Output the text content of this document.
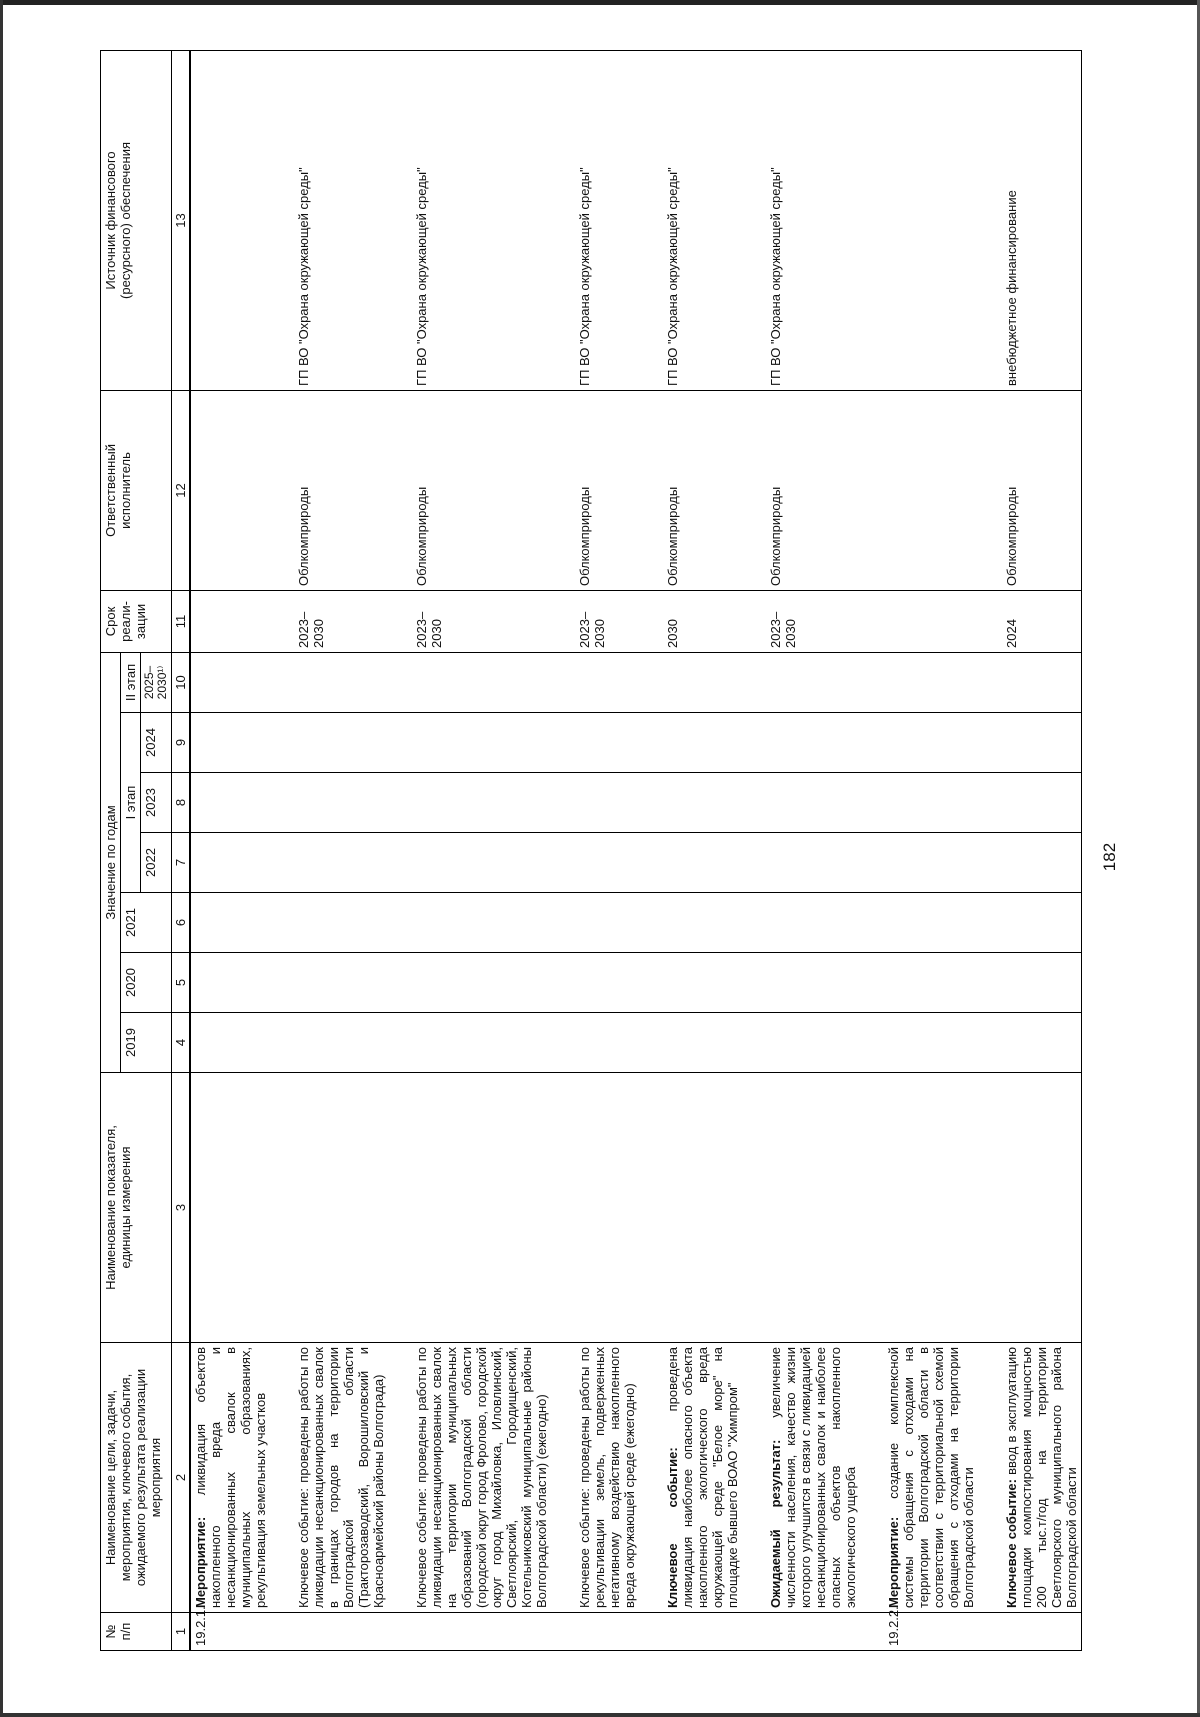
182
№
п/п	Наименование цели, задачи,
мероприятия, ключевого события,
ожидаемого результата реализации
мероприятия	Наименование показателя,
единицы измерения	Значение по годам							Срок
реали-
зации	Ответственный
исполнитель	Источник финансового
(ресурсного) обеспечения
			2019	2020	2021	I этап			II этап			
						2022	2023	2024	2025–
2030¹⁾			
1	2	3	4	5	6	7	8	9	10	11	12	13
19.2.1.	Мероприятие: ликвидация объектов накопленного вреда и несанкционированных свалок в муниципальных образованиях, рекультивация земельных участков											
	Ключевое событие: проведены работы по ликвидации несанкционированных свалок в границах городов на территории Волгоградской области (Тракторозаводский, Ворошиловский и Красноармейский районы Волгограда)									2023–
2030	Облкомприроды	ГП ВО "Охрана окружающей среды"
	Ключевое событие: проведены работы по ликвидации несанкционированных свалок на территории муниципальных образований Волгоградской области (городской округ город Фролово, городской округ город Михайловка, Иловлинский, Светлоярский, Городищенский, Котельниковский муниципальные районы Волгоградской области) (ежегодно)									2023–
2030	Облкомприроды	ГП ВО "Охрана окружающей среды"
	Ключевое событие: проведены работы по рекультивации земель, подверженных негативному воздействию накопленного вреда окружающей среде (ежегодно)									2023–
2030	Облкомприроды	ГП ВО "Охрана окружающей среды"
	Ключевое событие: проведена ликвидация наиболее опасного объекта накопленного экологического вреда окружающей среде "Белое море" на площадке бывшего ВОАО "Химпром"									2030	Облкомприроды	ГП ВО "Охрана окружающей среды"
	Ожидаемый результат: увеличение численности населения, качество жизни которого улучшится в связи с ликвидацией несанкционированных свалок и наиболее опасных объектов накопленного экологического ущерба									2023–
2030	Облкомприроды	ГП ВО "Охрана окружающей среды"
19.2.2.	Мероприятие: создание комплексной системы обращения с отходами на территории Волгоградской области в соответствии с территориальной схемой обращения с отходами на территории Волгоградской области											
	Ключевое событие: ввод в эксплуатацию площадки компостирования мощностью 200 тыс.т/год на территории Светлоярского муниципального района Волгоградской области									2024	Облкомприроды	внебюджетное финансирование
